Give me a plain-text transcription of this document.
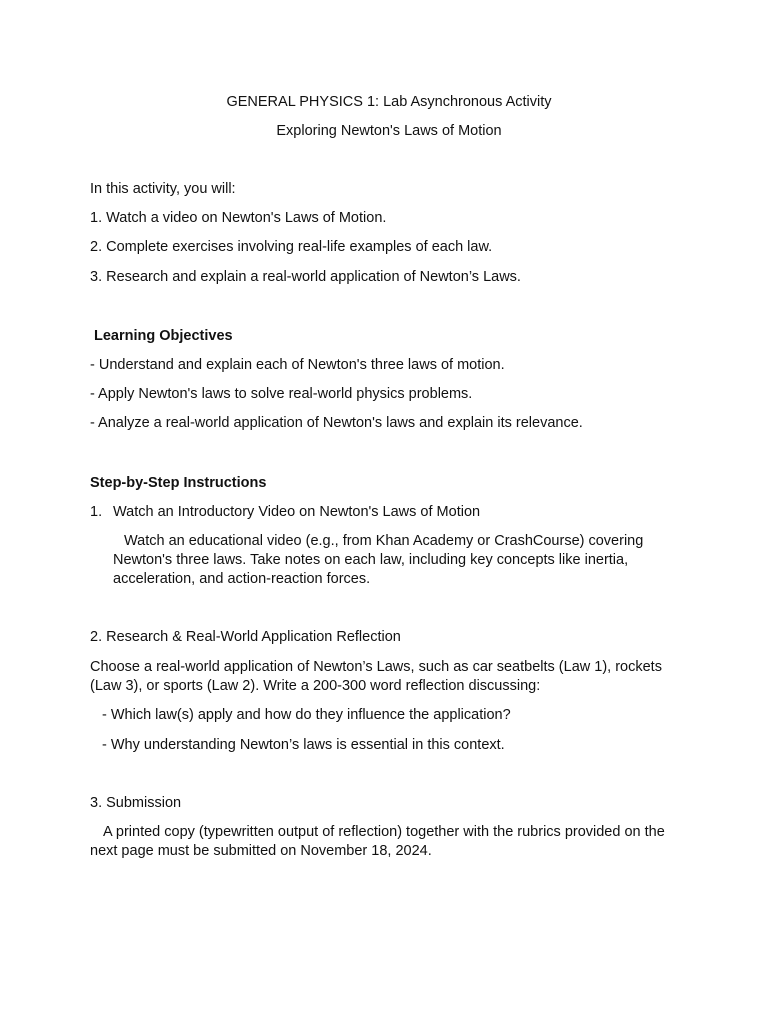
GENERAL PHYSICS 1: Lab Asynchronous Activity
Exploring Newton's Laws of Motion
In this activity, you will:
1. Watch a video on Newton's Laws of Motion.
2. Complete exercises involving real-life examples of each law.
3. Research and explain a real-world application of Newton’s Laws.
Learning Objectives
- Understand and explain each of Newton's three laws of motion.
- Apply Newton's laws to solve real-world physics problems.
- Analyze a real-world application of Newton's laws and explain its relevance.
Step-by-Step Instructions
1. Watch an Introductory Video on Newton's Laws of Motion
Watch an educational video (e.g., from Khan Academy or CrashCourse) covering Newton's three laws. Take notes on each law, including key concepts like inertia, acceleration, and action-reaction forces.
2. Research & Real-World Application Reflection
Choose a real-world application of Newton’s Laws, such as car seatbelts (Law 1), rockets (Law 3), or sports (Law 2). Write a 200-300 word reflection discussing:
- Which law(s) apply and how do they influence the application?
- Why understanding Newton’s laws is essential in this context.
3. Submission
A printed copy (typewritten output of reflection) together with the rubrics provided on the next page must be submitted on November 18, 2024.
